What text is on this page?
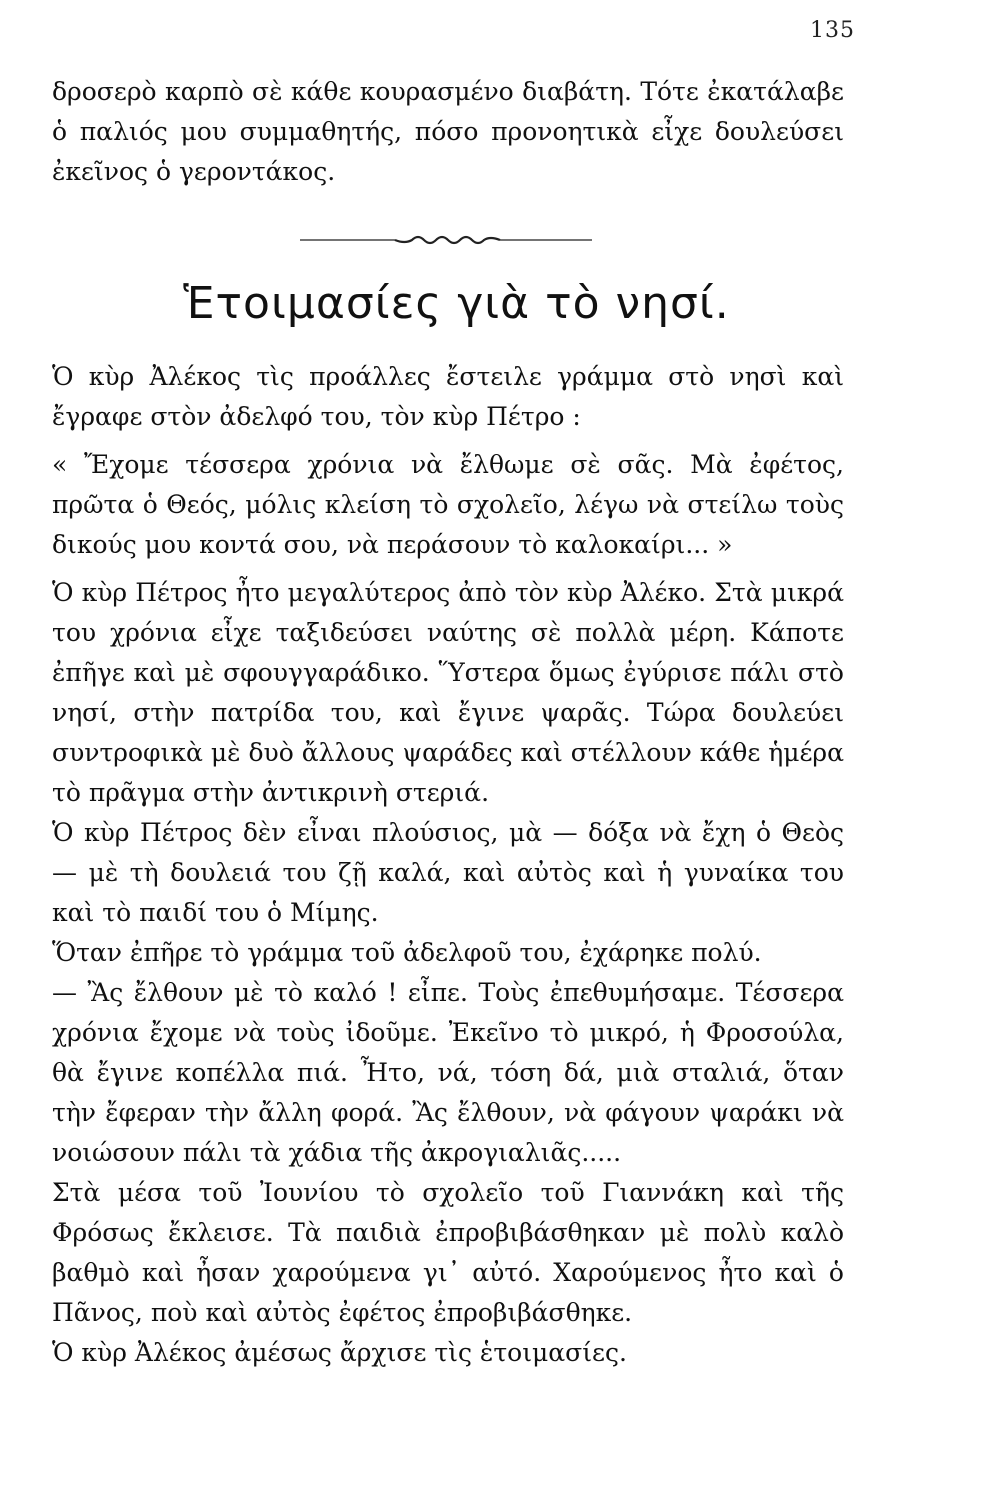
135

δροσερὸ καρπὸ σὲ κάθε κουρασμένο διαβάτη. Τότε ἐκατάλαβε ὁ παλιός μου συμμαθητής, πόσο προνοητικὰ εἶχε δουλεύσει ἐκεῖνος ὁ γεροντάκος.

Ἑτοιμασίες γιὰ τὸ νησί.

Ὁ κὺρ Ἀλέκος τὶς προάλλες ἔστειλε γράμμα στὸ νησὶ καὶ ἔγραφε στὸν ἀδελφό του, τὸν κὺρ Πέτρο :

« Ἔχομε τέσσερα χρόνια νὰ ἔλθωμε σὲ σᾶς. Μὰ ἐφέτος, πρῶτα ὁ Θεός, μόλις κλείση τὸ σχολεῖο, λέγω νὰ στείλω τοὺς δικούς μου κοντά σου, νὰ περάσουν τὸ καλοκαίρι... »

Ὁ κὺρ Πέτρος ἦτο μεγαλύτερος ἀπὸ τὸν κὺρ Ἀλέκο. Στὰ μικρά του χρόνια εἶχε ταξιδεύσει ναύτης σὲ πολλὰ μέρη. Κάποτε ἐπῆγε καὶ μὲ σφουγγαράδικο. Ὕστερα ὅμως ἐγύρισε πάλι στὸ νησί, στὴν πατρίδα του, καὶ ἔγινε ψαρᾶς. Τώρα δουλεύει συντροφικὰ μὲ δυὸ ἄλλους ψαράδες καὶ στέλλουν κάθε ἡμέρα τὸ πρᾶγμα στὴν ἀντικρινὴ στεριά.

Ὁ κὺρ Πέτρος δὲν εἶναι πλούσιος, μὰ — δόξα νὰ ἔχη ὁ Θεὸς — μὲ τὴ δουλειά του ζῇ καλά, καὶ αὐτὸς καὶ ἡ γυναίκα του καὶ τὸ παιδί του ὁ Μίμης.

Ὅταν ἐπῆρε τὸ γράμμα τοῦ ἀδελφοῦ του, ἐχάρηκε πολύ.

— Ἂς ἔλθουν μὲ τὸ καλό ! εἶπε. Τοὺς ἐπεθυμήσαμε. Τέσσερα χρόνια ἔχομε νὰ τοὺς ἰδοῦμε. Ἐκεῖνο τὸ μικρό, ἡ Φροσούλα, θὰ ἔγινε κοπέλλα πιά. Ἦτο, νά, τόση δά, μιὰ σταλιά, ὅταν τὴν ἔφεραν τὴν ἄλλη φορά. Ἂς ἔλθουν, νὰ φάγουν ψαράκι νὰ νοιώσουν πάλι τὰ χάδια τῆς ἀκρογιαλιᾶς.....

Στὰ μέσα τοῦ Ἰουνίου τὸ σχολεῖο τοῦ Γιαννάκη καὶ τῆς Φρόσως ἔκλεισε. Τὰ παιδιὰ ἐπροβιβάσθηκαν μὲ πολὺ καλὸ βαθμὸ καὶ ἦσαν χαρούμενα γι᾽ αὐτό. Χαρούμενος ἦτο καὶ ὁ Πᾶνος, ποὺ καὶ αὐτὸς ἐφέτος ἐπροβιβάσθηκε.

Ὁ κὺρ Ἀλέκος ἀμέσως ἄρχισε τὶς ἑτοιμασίες.
